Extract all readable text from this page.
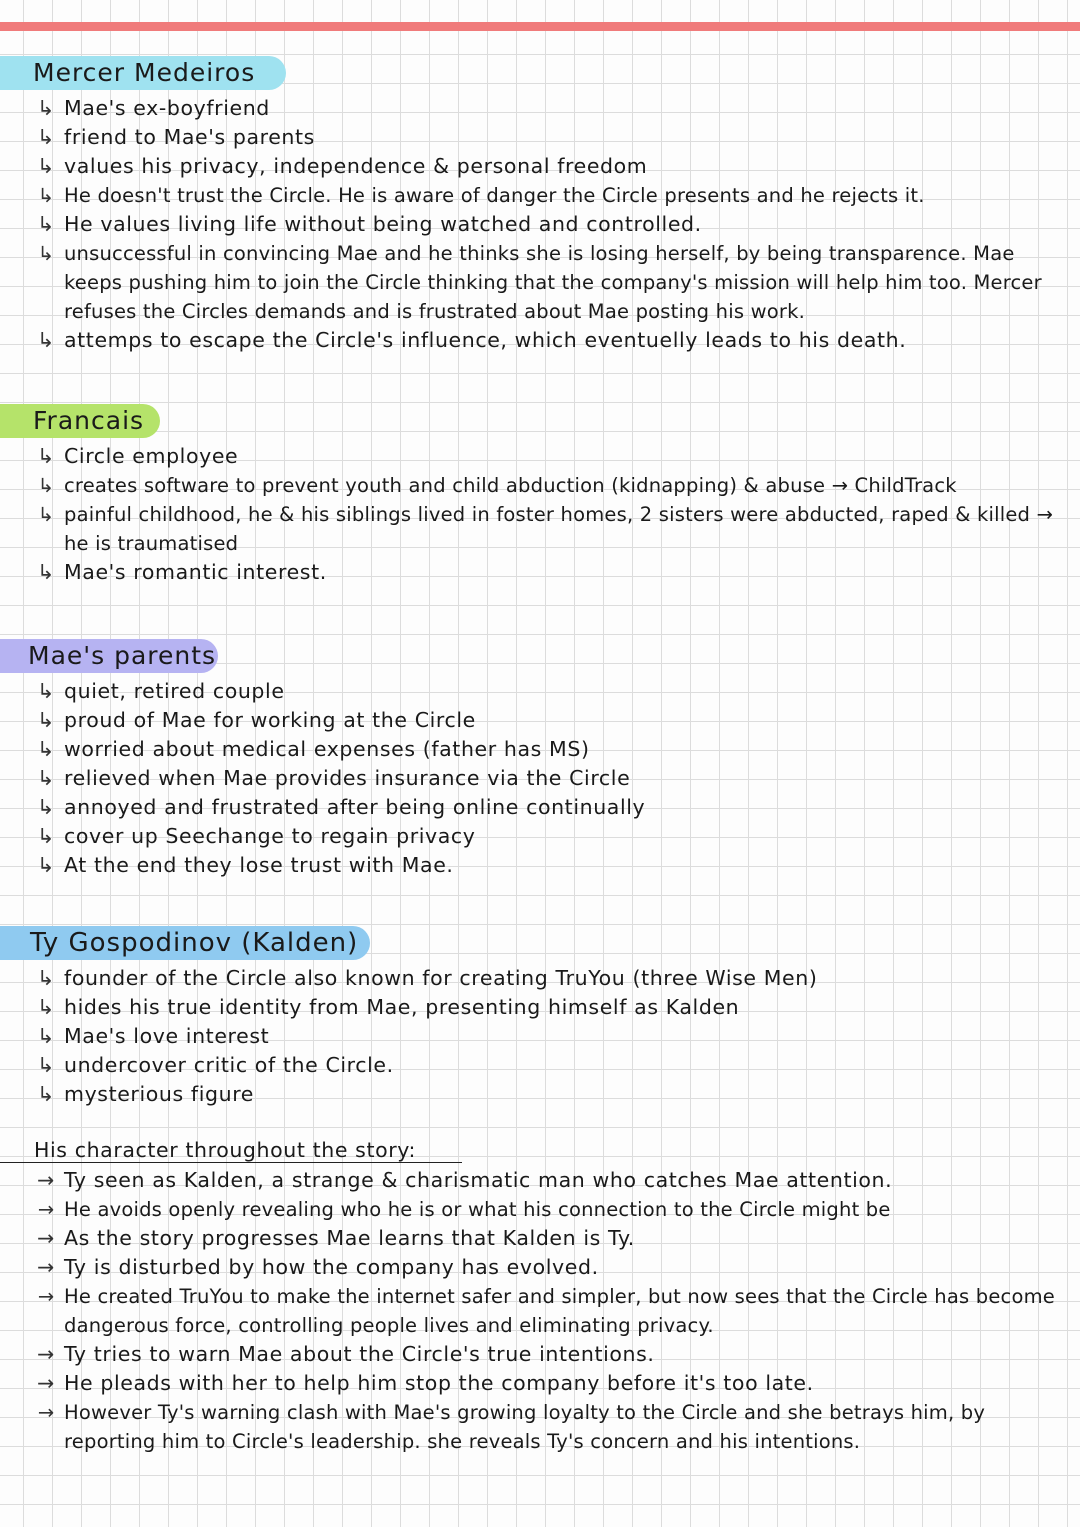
Mercer Medeiros
↳ Mae's ex-boyfriend
↳ friend to Mae's parents
↳ values his privacy, independence & personal freedom
↳ He doesn't trust the Circle. He is aware of danger the Circle presents and he rejects it.
↳ He values living life without being watched and controlled.
↳ unsuccessful in convincing Mae and he thinks she is losing herself, by being transparence. Mae keeps pushing him to join the Circle thinking that the company's mission will help him too. Mercer refuses the Circles demands and is frustrated about Mae posting his work.
↳ attemps to escape the Circle's influence, which eventuelly leads to his death.
Francais
↳ Circle employee
↳ creates software to prevent youth and child abduction (kidnapping) & abuse → ChildTrack
↳ painful childhood, he & his siblings lived in foster homes, 2 sisters were abducted, raped & killed → he is traumatised
↳ Mae's romantic interest.
Mae's parents
↳ quiet, retired couple
↳ proud of Mae for working at the Circle
↳ worried about medical expenses (father has MS)
↳ relieved when Mae provides insurance via the Circle
↳ annoyed and frustrated after being online continually
↳ cover up Seechange to regain privacy
↳ At the end they lose trust with Mae.
Ty Gospodinov (Kalden)
↳ founder of the Circle also known for creating TruYou (three Wise Men)
↳ hides his true identity from Mae, presenting himself as Kalden
↳ Mae's love interest
↳ undercover critic of the Circle.
↳ mysterious figure
His character throughout the story:
→ Ty seen as Kalden, a strange & charismatic man who catches Mae attention.
→ He avoids openly revealing who he is or what his connection to the Circle might be
→ As the story progresses Mae learns that Kalden is Ty.
→ Ty is disturbed by how the company has evolved.
→ He created TruYou to make the internet safer and simpler, but now sees that the Circle has become dangerous force, controlling people lives and eliminating privacy.
→ Ty tries to warn Mae about the Circle's true intentions.
→ He pleads with her to help him stop the company before it's too late.
→ However Ty's warning clash with Mae's growing loyalty to the Circle and she betrays him, by reporting him to Circle's leadership. she reveals Ty's concern and his intentions.
